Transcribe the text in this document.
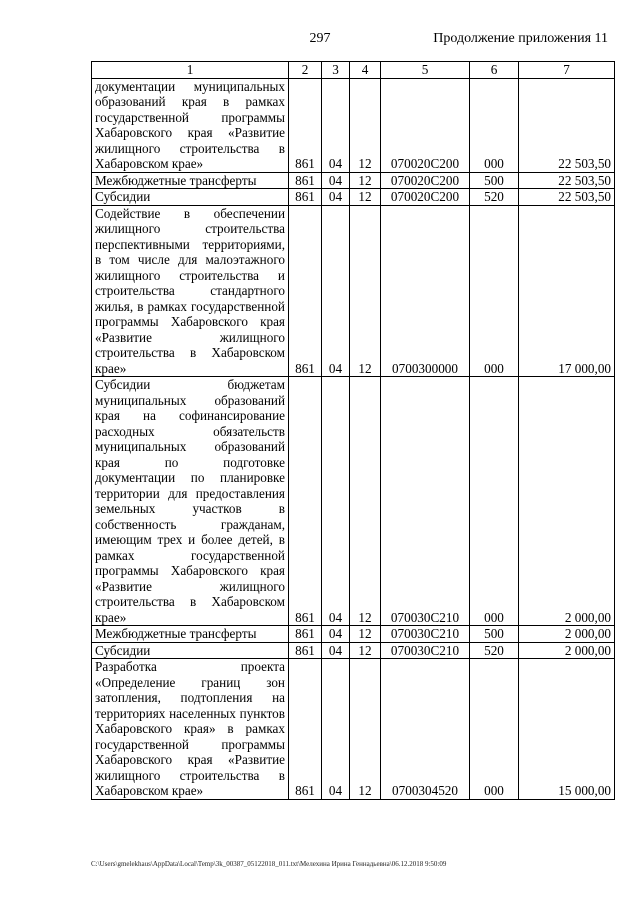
297	Продолжение приложения 11
1	2	3	4	5	6	7
документации муниципальных образований края в рамках государственной программы Хабаровского края «Развитие жилищного строительства в Хабаровском крае»	861	04	12	070020C200	000	22 503,50
Межбюджетные трансферты	861	04	12	070020C200	500	22 503,50
Субсидии	861	04	12	070020C200	520	22 503,50
Содействие в обеспечении жилищного строительства перспективными территориями, в том числе для малоэтажного жилищного строительства и строительства стандартного жилья, в рамках государственной программы Хабаровского края «Развитие жилищного строительства в Хабаровском крае»	861	04	12	0700300000	000	17 000,00
Субсидии бюджетам муниципальных образований края на софинансирование расходных обязательств муниципальных образований края по подготовке документации по планировке территории для предоставления земельных участков в собственность гражданам, имеющим трех и более детей, в рамках государственной программы Хабаровского края «Развитие жилищного строительства в Хабаровском крае»	861	04	12	070030C210	000	2 000,00
Межбюджетные трансферты	861	04	12	070030C210	500	2 000,00
Субсидии	861	04	12	070030C210	520	2 000,00
Разработка проекта «Определение границ зон затопления, подтопления на территориях населенных пунктов Хабаровского края» в рамках государственной программы Хабаровского края «Развитие жилищного строительства в Хабаровском крае»	861	04	12	0700304520	000	15 000,00
C:\Users\gmelekhaus\AppData\Local\Temp\3k_00387_05122018_011.txt\Мелехина Ирина Геннадьевна\06.12.2018 9:50:09
